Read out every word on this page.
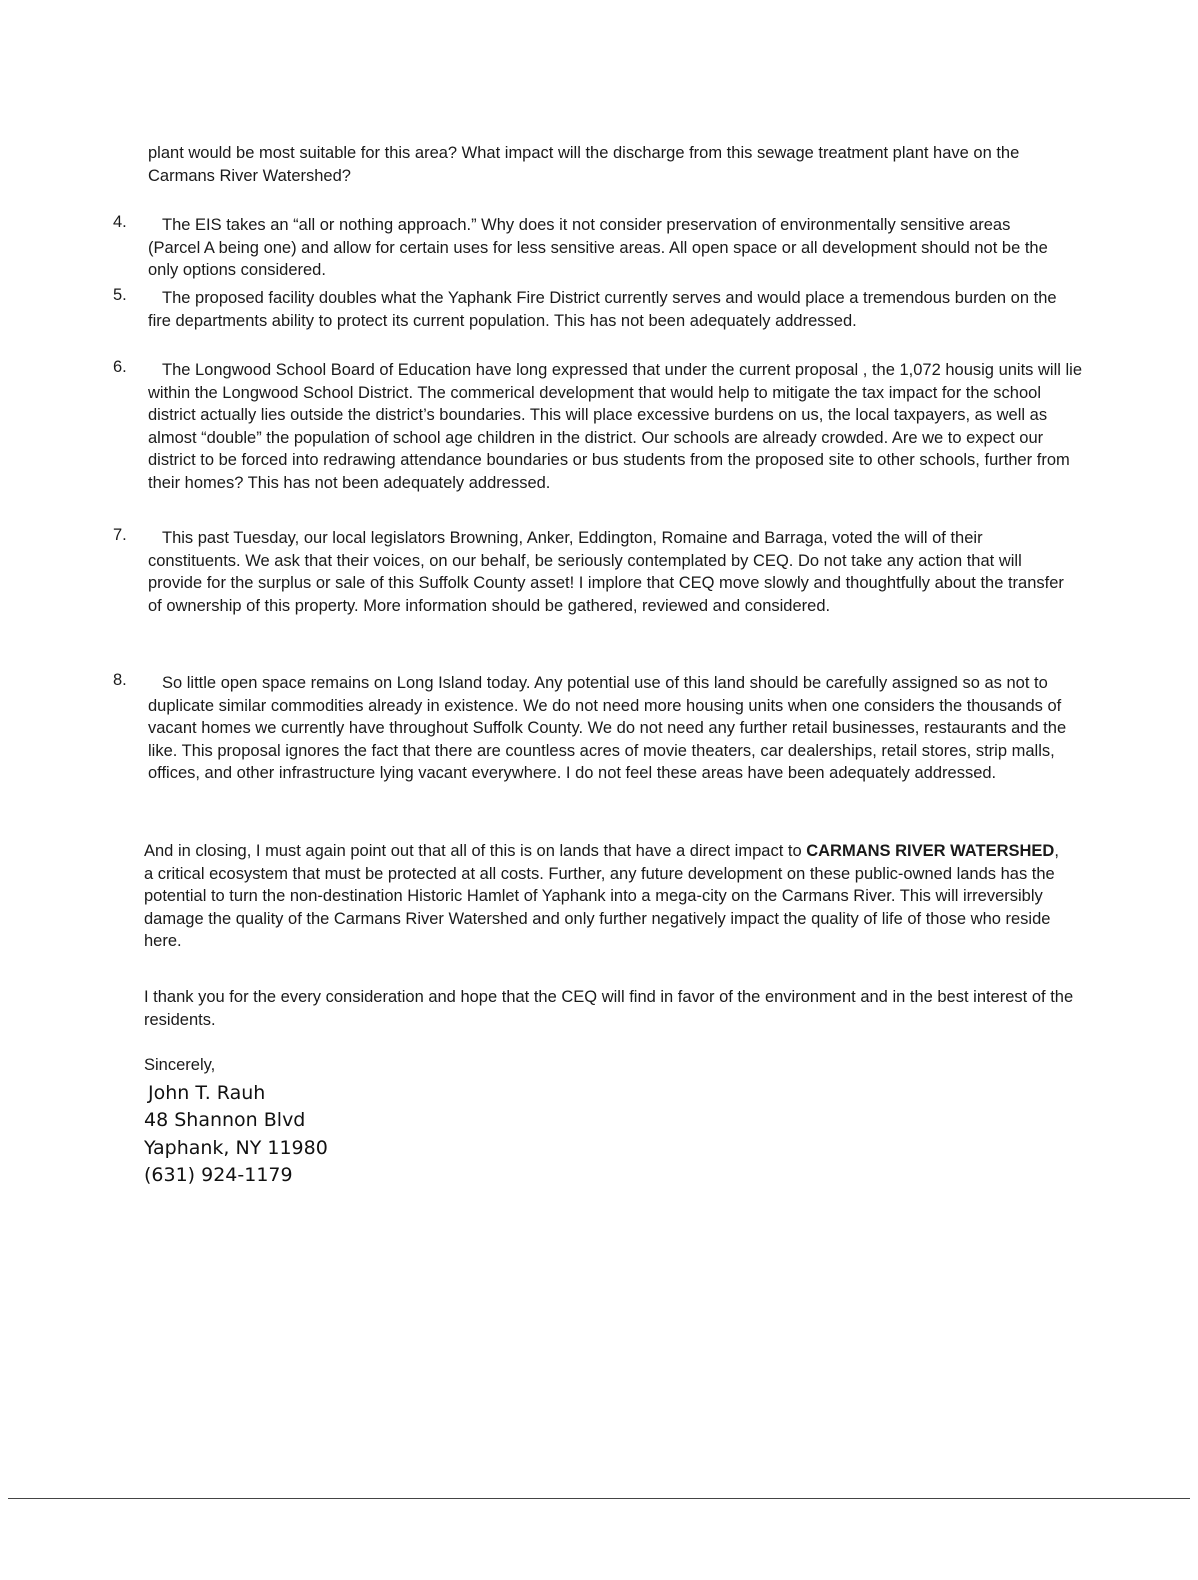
plant would be most suitable for this area? What impact will the discharge from this sewage treatment plant have on the Carmans River Watershed?

4.	The EIS takes an “all or nothing approach.” Why does it not consider preservation of environmentally sensitive areas (Parcel A being one) and allow for certain uses for less sensitive areas. All open space or all development should not be the only options considered.

5.	The proposed facility doubles what the Yaphank Fire District currently serves and would place a tremendous burden on the fire departments ability to protect its current population. This has not been adequately addressed.

6.	The Longwood School Board of Education have long expressed that under the current proposal , the 1,072 housig units will lie within the Longwood School District. The commerical development that would help to mitigate the tax impact for the school district actually lies outside the district’s boundaries. This will place excessive burdens on us, the local taxpayers, as well as almost “double” the population of school age children in the district. Our schools are already crowded. Are we to expect our district to be forced into redrawing attendance boundaries or bus students from the proposed site to other schools, further from their homes? This has not been adequately addressed.

7.	This past Tuesday, our local legislators Browning, Anker, Eddington, Romaine and Barraga, voted the will of their constituents. We ask that their voices, on our behalf, be seriously contemplated by CEQ. Do not take any action that will provide for the surplus or sale of this Suffolk County asset! I implore that CEQ move slowly and thoughtfully about the transfer of ownership of this property. More information should be gathered, reviewed and considered.

8.	So little open space remains on Long Island today. Any potential use of this land should be carefully assigned so as not to duplicate similar commodities already in existence. We do not need more housing units when one considers the thousands of vacant homes we currently have throughout Suffolk County. We do not need any further retail businesses, restaurants and the like. This proposal ignores the fact that there are countless acres of movie theaters, car dealerships, retail stores, strip malls, offices, and other infrastructure lying vacant everywhere. I do not feel these areas have been adequately addressed.

And in closing, I must again point out that all of this is on lands that have a direct impact to CARMANS RIVER WATERSHED, a critical ecosystem that must be protected at all costs. Further, any future development on these public-owned lands has the potential to turn the non-destination Historic Hamlet of Yaphank into a mega-city on the Carmans River. This will irreversibly damage the quality of the Carmans River Watershed and only further negatively impact the quality of life of those who reside here.

I thank you for the every consideration and hope that the CEQ will find in favor of the environment and in the best interest of the residents.

Sincerely,
John T. Rauh
48 Shannon Blvd
Yaphank, NY 11980
(631) 924-1179
